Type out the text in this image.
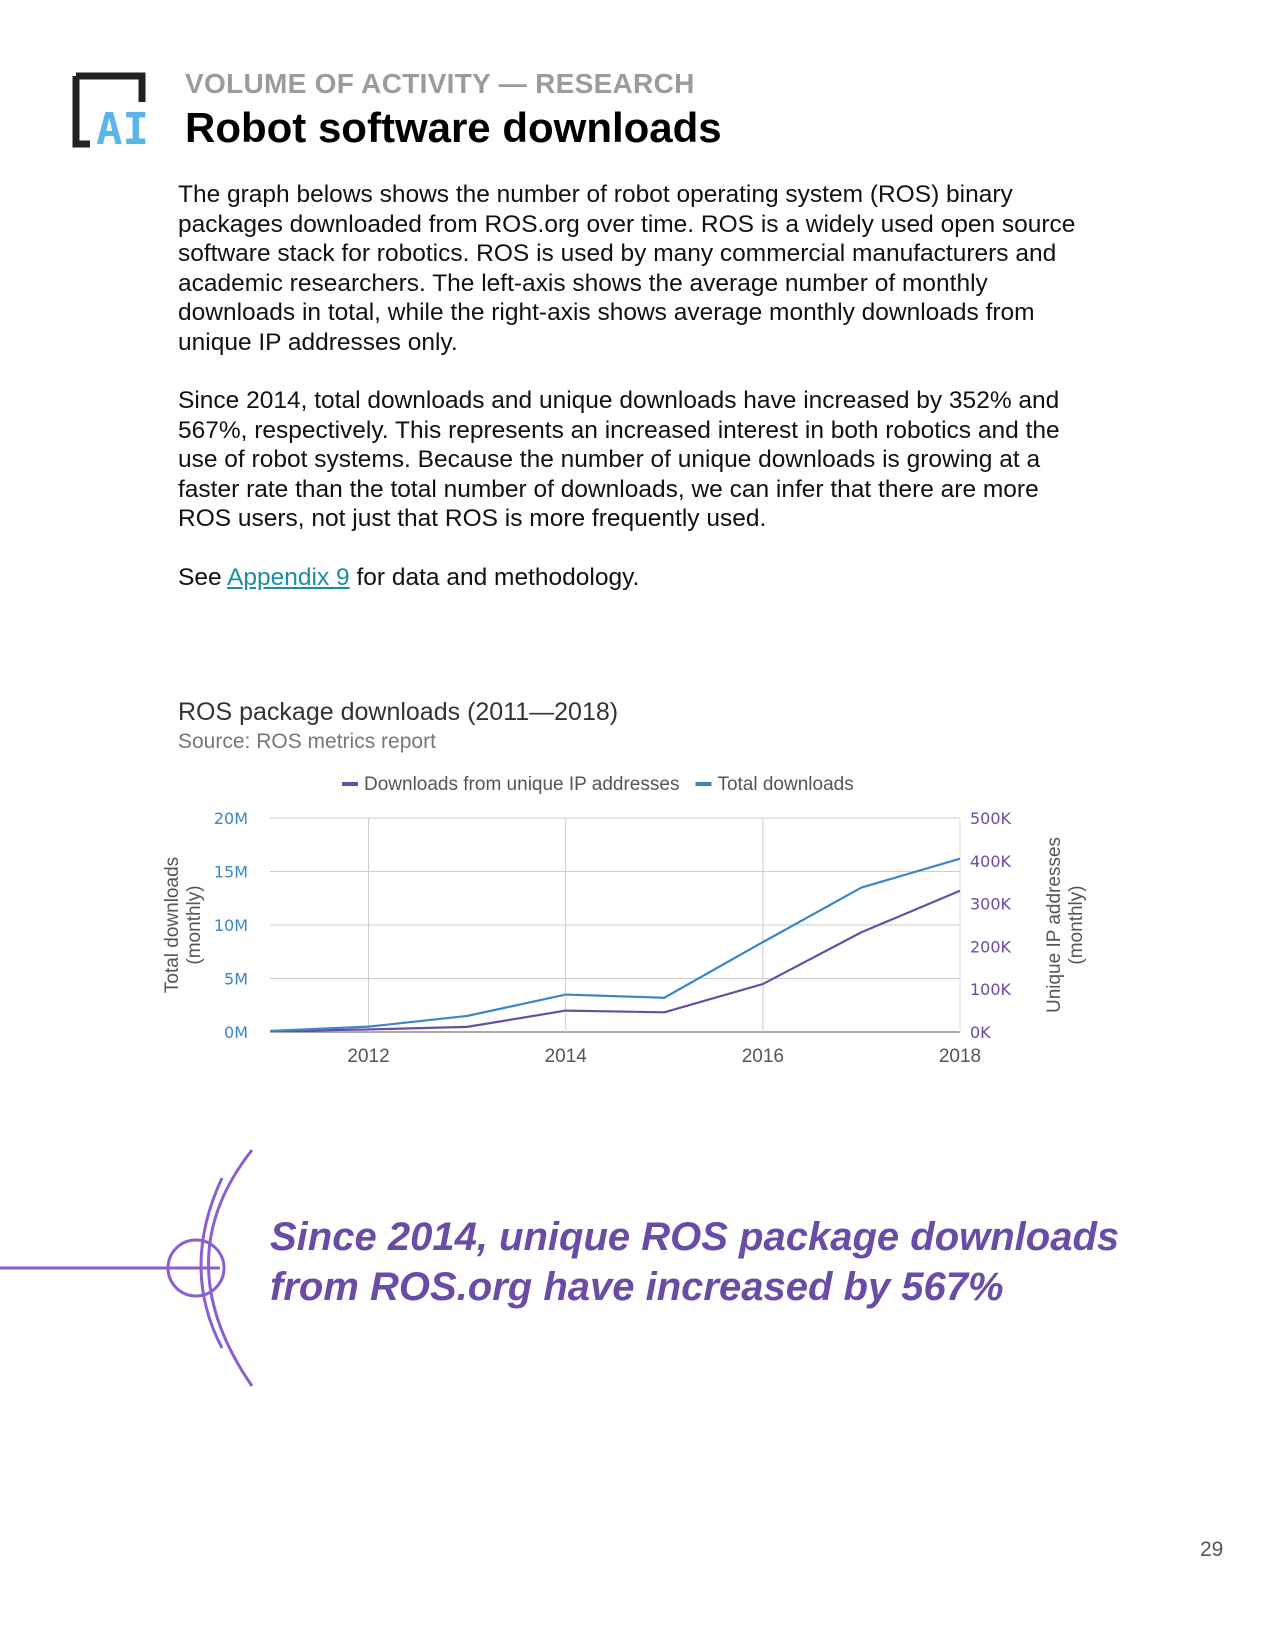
AI
VOLUME OF ACTIVITY — RESEARCH
Robot software downloads

The graph belows shows the number of robot operating system (ROS) binary packages downloaded from ROS.org over time. ROS is a widely used open source software stack for robotics. ROS is used by many commercial manufacturers and academic researchers. The left-axis shows the average number of monthly downloads in total, while the right-axis shows average monthly downloads from unique IP addresses only.

Since 2014, total downloads and unique downloads have increased by 352% and 567%, respectively. This represents an increased interest in both robotics and the use of robot systems. Because the number of unique downloads is growing at a faster rate than the total number of downloads, we can infer that there are more ROS users, not just that ROS is more frequently used.

See Appendix 9 for data and methodology.

ROS package downloads (2011—2018)
Source: ROS metrics report
0M
5M
10M
15M
20M
0K
100K
200K
300K
400K
500K
2012	2014	2016	2018
Total downloads(monthly)	Unique IP addresses(monthly)
Downloads from unique IP addresses Total downloads
Since 2014, unique ROS package downloads from ROS.org have increased by 567%
29
